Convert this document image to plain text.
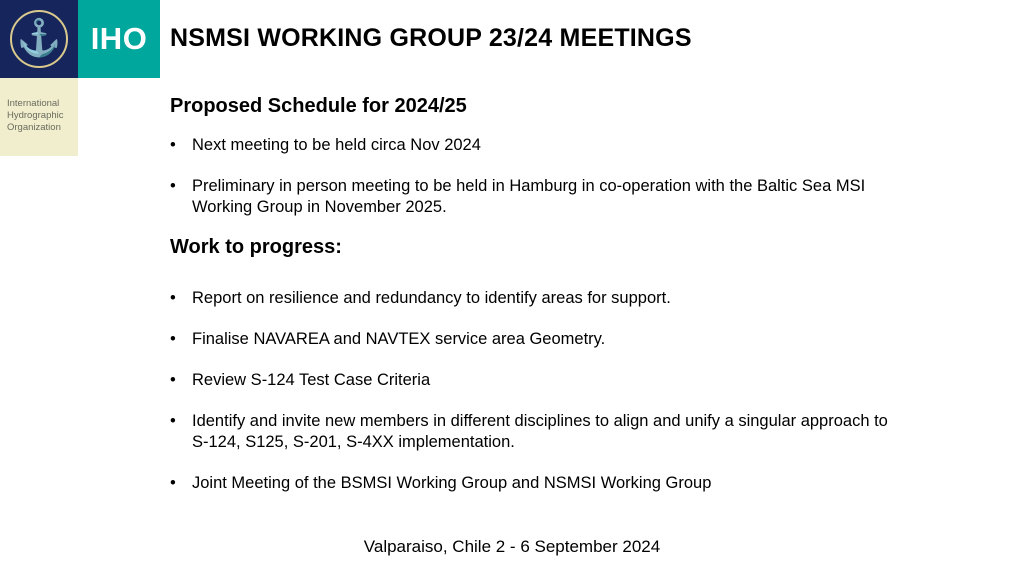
⚓ IHO
International Hydrographic Organization
NSMSI WORKING GROUP 23/24 MEETINGS
Proposed Schedule for 2024/25
•
Next meeting to be held circa Nov 2024
•
Preliminary in person meeting to be held in Hamburg in co-operation with the Baltic Sea MSI Working Group in November 2025.
Work to progress:
•
Report on resilience and redundancy to identify areas for support.
•
Finalise NAVAREA and NAVTEX service area Geometry.
•
Review S-124 Test Case Criteria
•
Identify and invite new members in different disciplines to align and unify a singular approach to S-124, S125, S-201, S-4XX implementation.
•
Joint Meeting of the BSMSI Working Group and NSMSI Working Group
Valparaiso, Chile 2 - 6 September 2024
